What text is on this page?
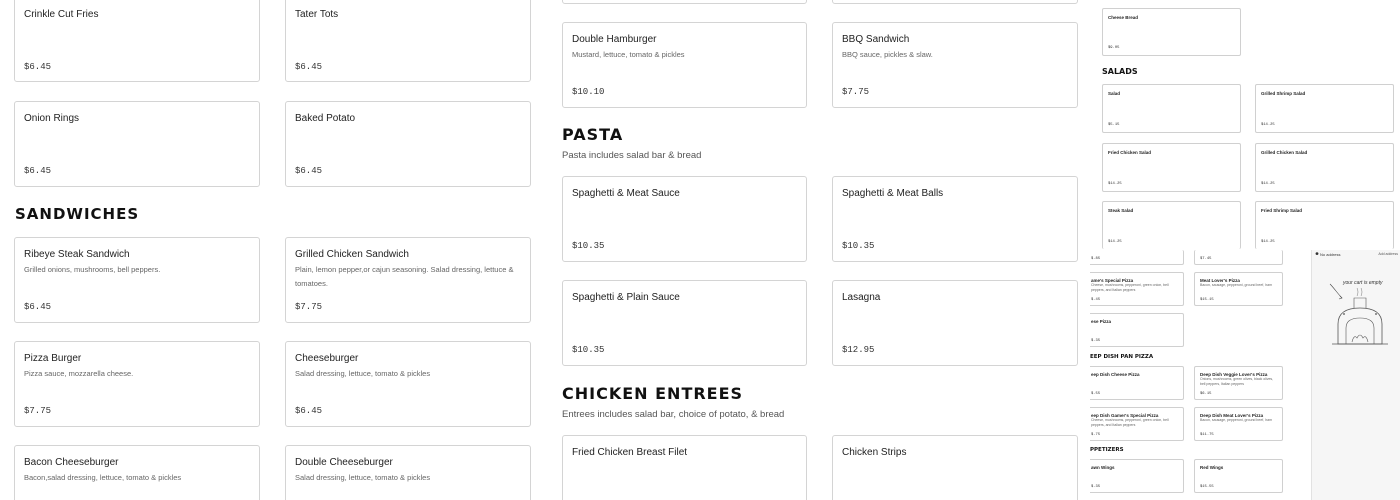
Crinkle Cut Fries
$6.45
Tater Tots
$6.45
Onion Rings
$6.45
Baked Potato
$6.45
SANDWICHES
Ribeye Steak Sandwich
Grilled onions, mushrooms, bell peppers.
$6.45
Grilled Chicken Sandwich
Plain, lemon pepper,or cajun seasoning. Salad dressing, lettuce & tomatoes.
$7.75
Pizza Burger
Pizza sauce, mozzarella cheese.
$7.75
Cheeseburger
Salad dressing, lettuce, tomato & pickles
$6.45
Bacon Cheeseburger
Bacon,salad dressing, lettuce, tomato & pickles
Double Cheeseburger
Salad dressing, lettuce, tomato & pickles
Double Hamburger
Mustard, lettuce, tomato & pickles
$10.10
BBQ Sandwich
BBQ sauce, pickles & slaw.
$7.75
PASTA
Pasta includes salad bar & bread
Spaghetti & Meat Sauce
$10.35
Spaghetti & Meat Balls
$10.35
Spaghetti & Plain Sauce
$10.35
Lasagna
$12.95
CHICKEN ENTREES
Entrees includes salad bar, choice of potato, & bread
Fried Chicken Breast Filet	Chicken Strips
Cheese Bread
$9.05
SALADS
Salad
$5.15
Grilled Shrimp Salad
$14.25
Fried Chicken Salad
$14.25
Grilled Chicken Salad
$14.25
Steak Salad
$14.25
Fried Shrimp Salad
$14.25
$.85	$7.45
ame's Special Pizza
Cheese, mushrooms, pepperoni, green onion, bell peppers, and Italian peppers
$.45
Meat Lover's Pizza
Bacon, sausage, pepperoni, ground beef, ham
$15.15
ese Pizza
$.35
EEP DISH PAN PIZZA
eep Dish Cheese Pizza
$.55
Deep Dish Veggie Lover's Pizza
Onions, mushrooms, green olives, black olives, bell peppers, Italian peppers
$6.15
eep Dish Gamer's Special Pizza
Cheese, mushrooms, pepperoni, green onion, bell peppers, and Italian peppers
$.75
Deep Dish Meat Lover's Pizza
Bacon, sausage, pepperoni, ground beef, ham
$11.75
PPETIZERS
awn Wings
$.35
Red Wings
$15.55
No address	Add address
your cart is empty
